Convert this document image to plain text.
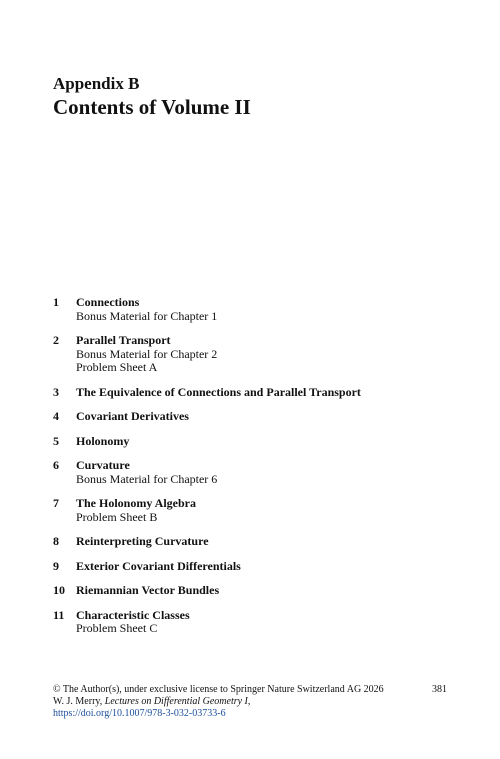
Appendix B
Contents of Volume II
1	Connections
Bonus Material for Chapter 1
2	Parallel Transport
Bonus Material for Chapter 2
Problem Sheet A
3	The Equivalence of Connections and Parallel Transport
4	Covariant Derivatives
5	Holonomy
6	Curvature
Bonus Material for Chapter 6
7	The Holonomy Algebra
Problem Sheet B
8	Reinterpreting Curvature
9	Exterior Covariant Differentials
10 Riemannian Vector Bundles
11 Characteristic Classes
Problem Sheet C
© The Author(s), under exclusive license to Springer Nature Switzerland AG 2026	381
W. J. Merry, Lectures on Differential Geometry I,
https://doi.org/10.1007/978-3-032-03733-6
